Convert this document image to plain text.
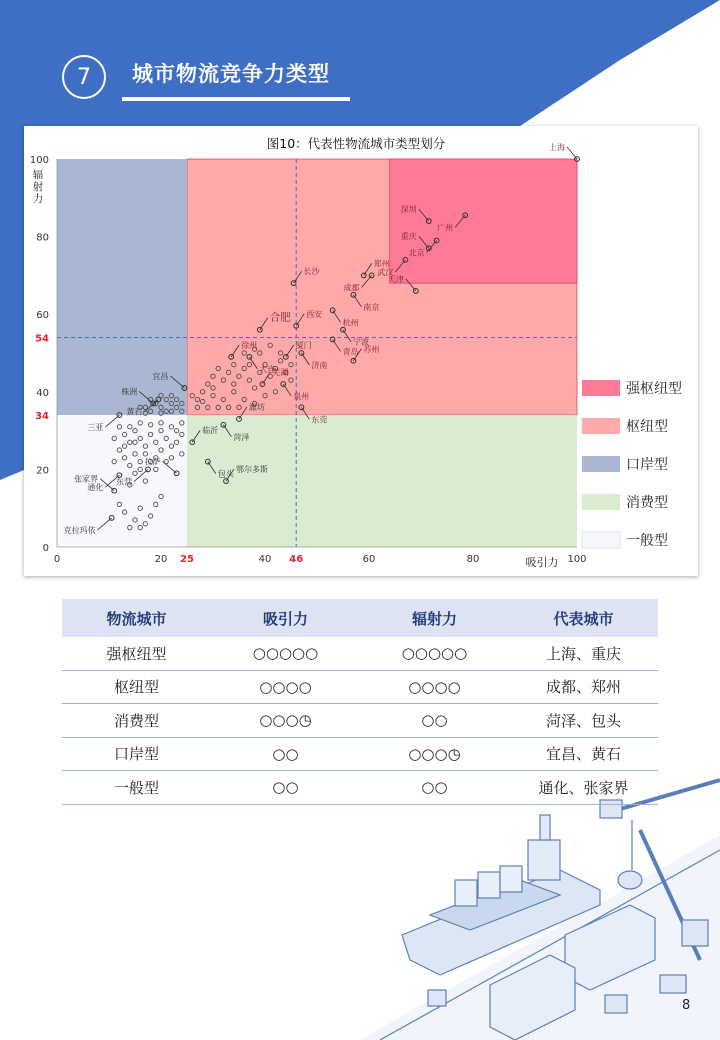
7	城市物流竞争力类型
上海
广州
深圳
北京
重庆
武汉
郑州
成都
天津
南京
长沙
杭州
西安
宁波
合肥
青岛
厦门
济南
苏州
大连
徐州
泉州
芜湖
东莞
宜昌
黄石
株洲
三亚
潍坊
菏泽
临沂
包头
拉萨
东营
鄂尔多斯
通化
张家界
克拉玛依
0	20	40	60	80	100
0
20
40
60
80
100
25	46
54
34
辐射力
强枢纽型
枢纽型
口岸型
消费型
一般型
图10：代表性物流城市类型划分
吸引力
物流城市	吸引力	辐射力	代表城市
强枢纽型	○○○○○	○○○○○	上海、重庆
枢纽型	○○○○	○○○○	成都、郑州
消费型	○○○◷	○○	菏泽、包头
口岸型	○○	○○○◷	宜昌、黄石
一般型	○○	○○	通化、张家界
8
